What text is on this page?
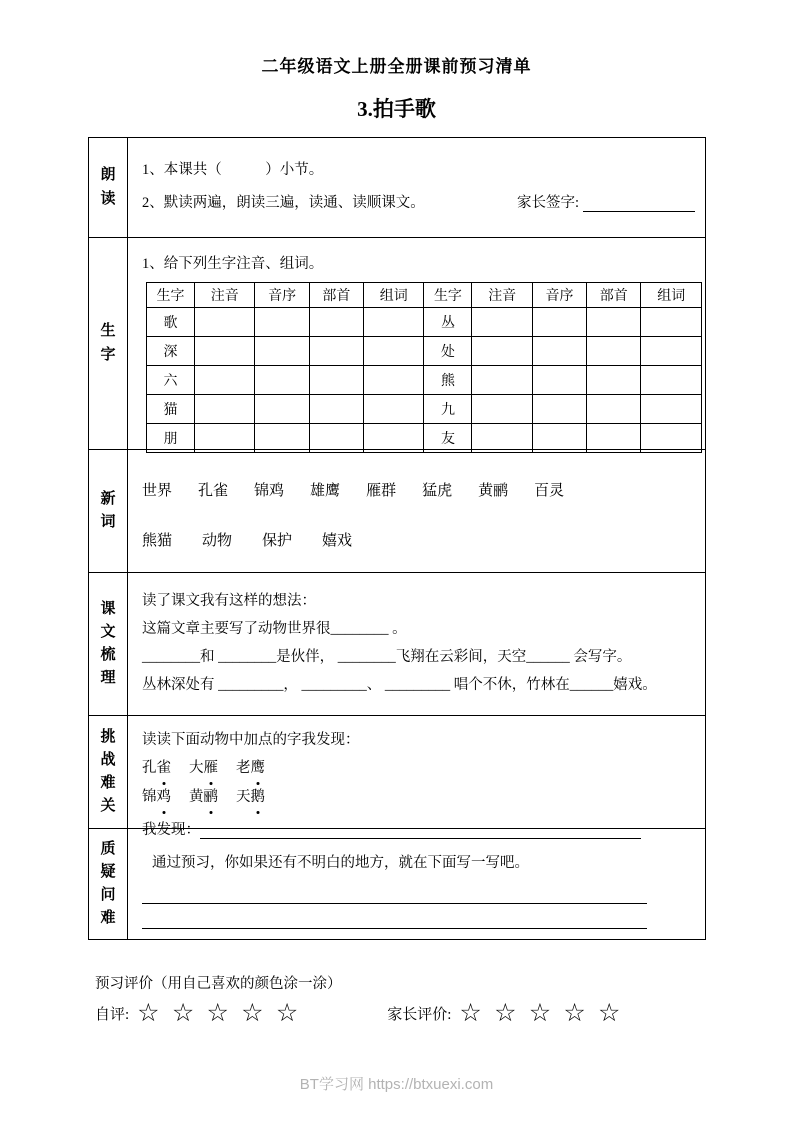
二年级语文上册全册课前预习清单
3.拍手歌
朗读
1、本课共（　　　）小节。
2、默读两遍，朗读三遍，读通、读顺课文。	家长签字:
生字
1、给下列生字注音、组词。
生字	注音	音序	部首	组词	生字	注音	音序	部首	组词
歌					丛				
深					处				
六					熊				
猫					九				
朋					友				
新词
世界 孔雀 锦鸡 雄鹰 雁群 猛虎 黄鹂 百灵
熊猫 动物 保护 嬉戏
课文梳理
读了课文我有这样的想法：
这篇文章主要写了动物世界很________ 。
________和 ________是伙伴， ________飞翔在云彩间，天空______ 会写字。
丛林深处有 _________， _________、 _________ 唱个不休，竹林在______嬉戏。
挑战难关
读读下面动物中加点的字我发现：
孔雀 大雁 老鹰
锦鸡 黄鹂 天鹅
我发现：
质疑问难
通过预习，你如果还有不明白的地方，就在下面写一写吧。
预习评价（用自己喜欢的颜色涂一涂）
自评: ☆ ☆ ☆ ☆ ☆	家长评价: ☆ ☆ ☆ ☆ ☆
BT学习网 https://btxuexi.com
